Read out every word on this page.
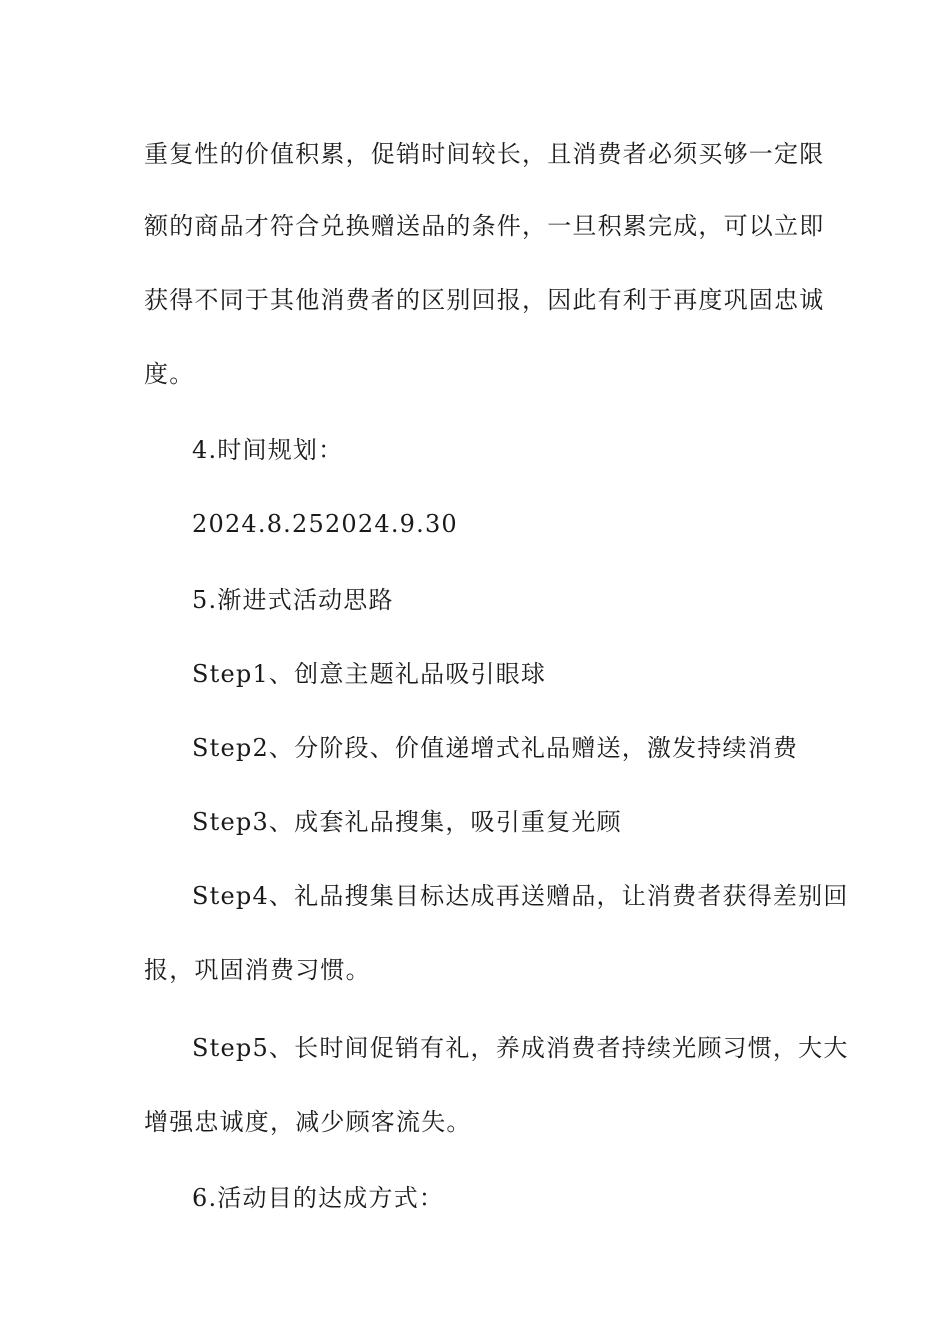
重复性的价值积累，促销时间较长，且消费者必须买够一定限
额的商品才符合兑换赠送品的条件，一旦积累完成，可以立即
获得不同于其他消费者的区别回报，因此有利于再度巩固忠诚
度。
4.时间规划：
2024.8.252024.9.30
5.渐进式活动思路
Step1、创意主题礼品吸引眼球
Step2、分阶段、价值递增式礼品赠送，激发持续消费
Step3、成套礼品搜集，吸引重复光顾
Step4、礼品搜集目标达成再送赠品，让消费者获得差别回
报，巩固消费习惯。
Step5、长时间促销有礼，养成消费者持续光顾习惯，大大
增强忠诚度，减少顾客流失。
6.活动目的达成方式：
